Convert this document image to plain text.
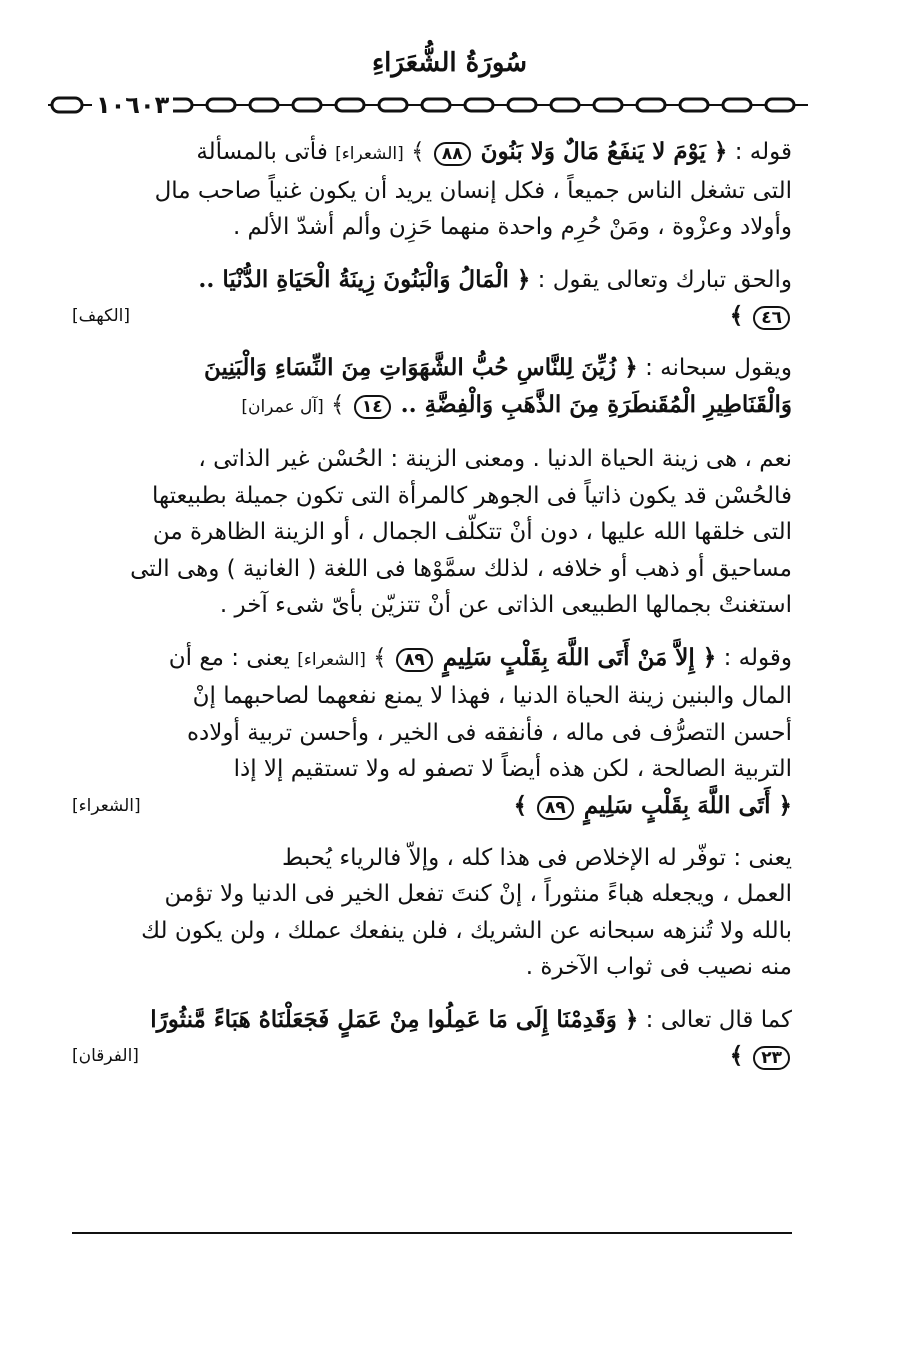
سُورَةُ الشُّعَرَاءِ
١٠٦٠٣
قوله : ﴿ يَوْمَ لا يَنفَعُ مَالٌ وَلا بَنُونَ ٨٨ ﴾ [الشعراء] فأتى بالمسألة
التى تشغل الناس جميعاً ، فكل إنسان يريد أن يكون غنياً صاحب مال
وأولاد وعزْوة ، ومَنْ حُرِم واحدة منهما حَزِن وألم أشدّ الألم .
والحق تبارك وتعالى يقول : ﴿ الْمَالُ وَالْبَنُونَ زِينَةُ الْحَيَاةِ الدُّنْيَا ..
٤٦ ﴾
[الكهف]
ويقول سبحانه : ﴿ زُيِّنَ لِلنَّاسِ حُبُّ الشَّهَوَاتِ مِنَ النِّسَاءِ وَالْبَنِينَ
وَالْقَنَاطِيرِ الْمُقَنطَرَةِ مِنَ الذَّهَبِ وَالْفِضَّةِ .. ١٤ ﴾ [آل عمران]
نعم ، هى زينة الحياة الدنيا . ومعنى الزينة : الحُسْن غير الذاتى ،
فالحُسْن قد يكون ذاتياً فى الجوهر كالمرأة التى تكون جميلة بطبيعتها
التى خلقها الله عليها ، دون أنْ تتكلّف الجمال ، أو الزينة الظاهرة من
مساحيق أو ذهب أو خلافه ، لذلك سمَّوْها فى اللغة ( الغانية ) وهى التى
استغنتْ بجمالها الطبيعى الذاتى عن أنْ تتزيّن بأىّ شىء آخر .
وقوله : ﴿ إِلاَّ مَنْ أَتَى اللَّهَ بِقَلْبٍ سَلِيمٍ ٨٩ ﴾ [الشعراء] يعنى : مع أن
المال والبنين زينة الحياة الدنيا ، فهذا لا يمنع نفعهما لصاحبهما إنْ
أحسن التصرُّف فى ماله ، فأنفقه فى الخير ، وأحسن تربية أولاده
التربية الصالحة ، لكن هذه أيضاً لا تصفو له ولا تستقيم إلا إذا
﴿ أَتَى اللَّهَ بِقَلْبٍ سَلِيمٍ ٨٩ ﴾
[الشعراء]
يعنى : توفّر له الإخلاص فى هذا كله ، وإلاّ فالرياء يُحبط
العمل ، ويجعله هباءً منثوراً ، إنْ كنتَ تفعل الخير فى الدنيا ولا تؤمن
بالله ولا تُنزهه سبحانه عن الشريك ، فلن ينفعك عملك ، ولن يكون لك
منه نصيب فى ثواب الآخرة .
كما قال تعالى : ﴿ وَقَدِمْنَا إِلَى مَا عَمِلُوا مِنْ عَمَلٍ فَجَعَلْنَاهُ هَبَاءً مَّنثُورًا
٢٣ ﴾
[الفرقان]
